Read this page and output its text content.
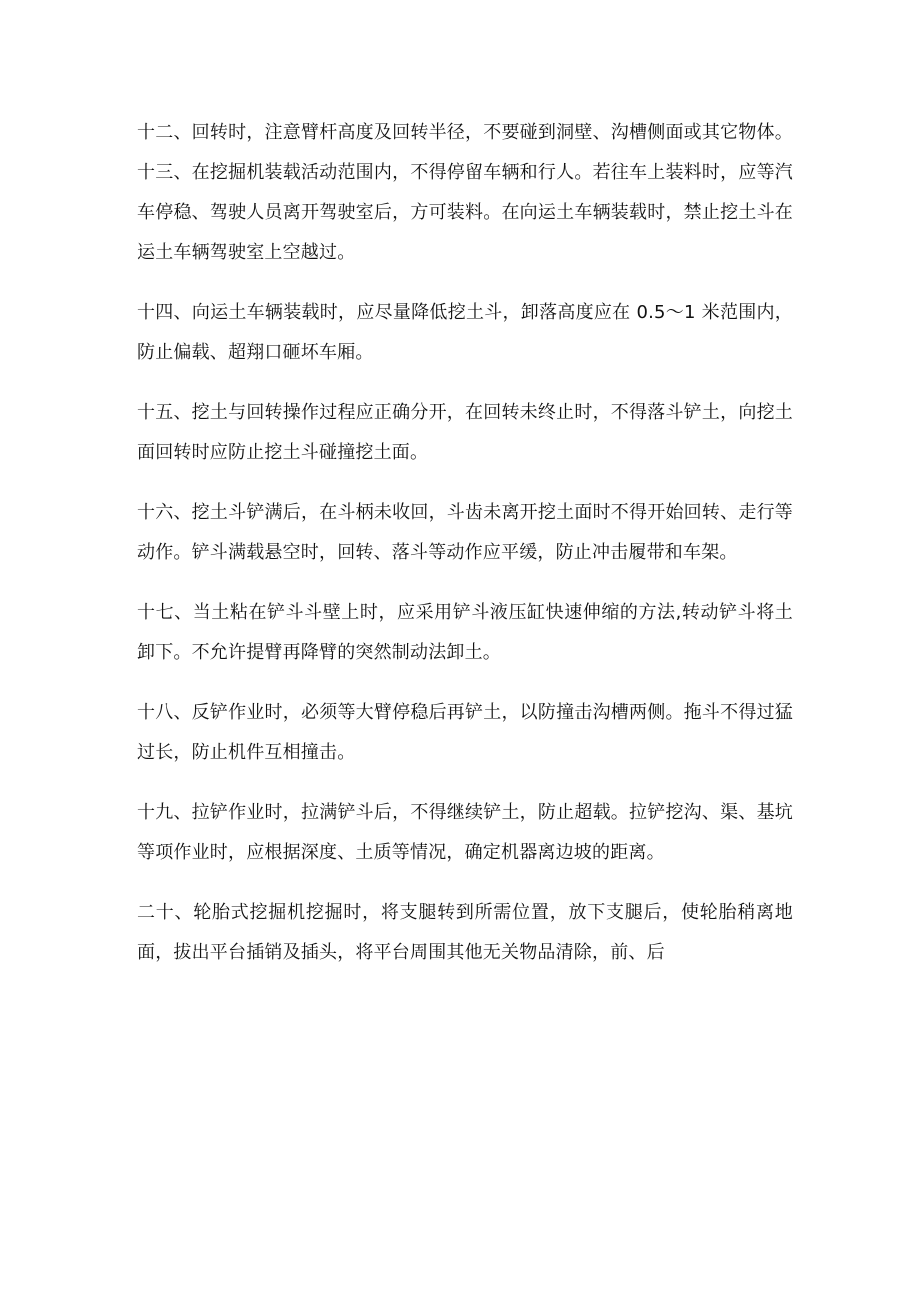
十二、回转时，注意臂杆高度及回转半径，不要碰到洞壁、沟槽侧面或其它物体。十三、在挖掘机装载活动范围内，不得停留车辆和行人。若往车上装料时，应等汽车停稳、驾驶人员离开驾驶室后，方可装料。在向运土车辆装载时，禁止挖土斗在运土车辆驾驶室上空越过。

十四、向运土车辆装载时，应尽量降低挖土斗，卸落高度应在 0.5～1 米范围内，防止偏载、超翔口砸坏车厢。

十五、挖土与回转操作过程应正确分开，在回转未终止时，不得落斗铲土，向挖土面回转时应防止挖土斗碰撞挖土面。

十六、挖土斗铲满后，在斗柄未收回，斗齿未离开挖土面时不得开始回转、走行等动作。铲斗满载悬空时，回转、落斗等动作应平缓，防止冲击履带和车架。

十七、当土粘在铲斗斗壁上时，应采用铲斗液压缸快速伸缩的方法,转动铲斗将土卸下。不允许提臂再降臂的突然制动法卸土。

十八、反铲作业时，必须等大臂停稳后再铲土，以防撞击沟槽两侧。拖斗不得过猛过长，防止机件互相撞击。

十九、拉铲作业时，拉满铲斗后，不得继续铲土，防止超载。拉铲挖沟、渠、基坑等项作业时，应根据深度、土质等情况，确定机器离边坡的距离。

二十、轮胎式挖掘机挖掘时，将支腿转到所需位置，放下支腿后，使轮胎稍离地面，拔出平台插销及插头，将平台周围其他无关物品清除，前、后
